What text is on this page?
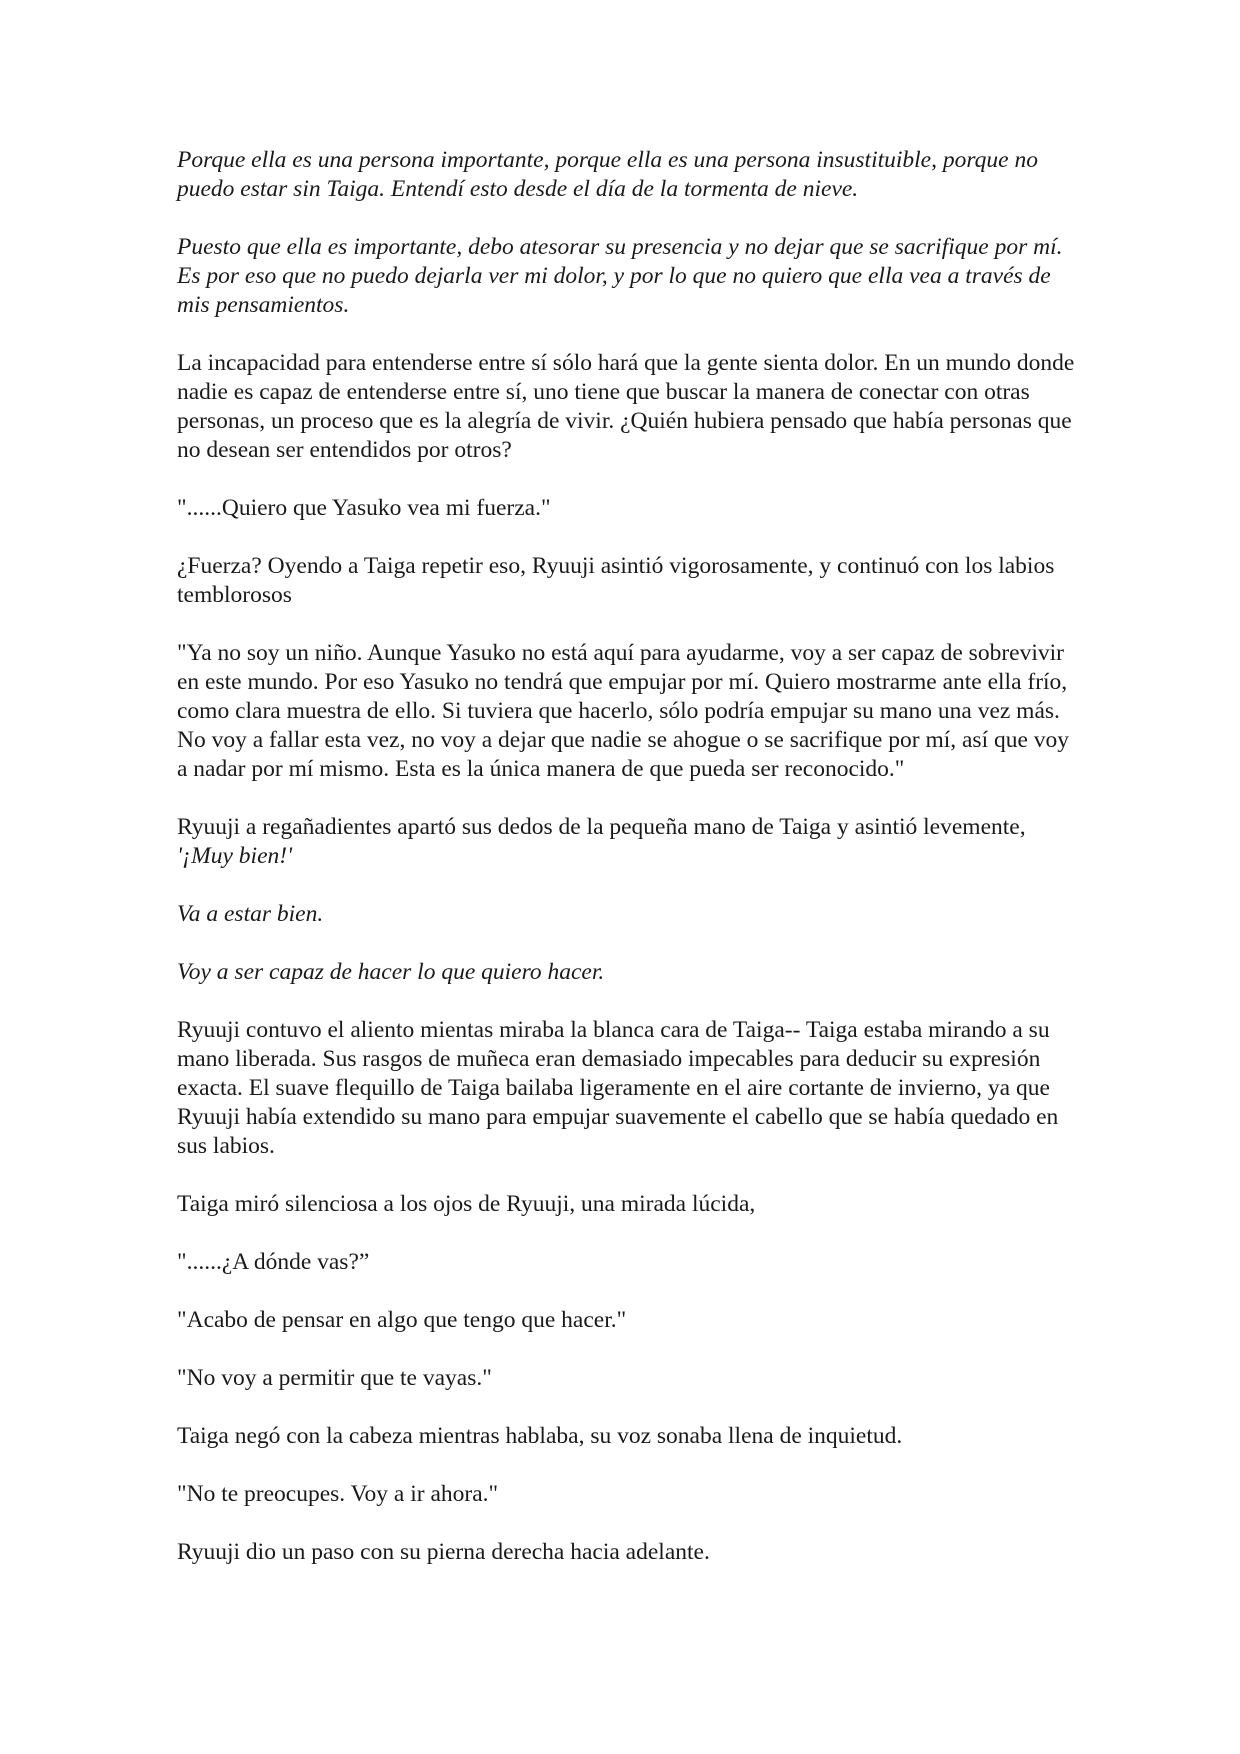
Porque ella es una persona importante, porque ella es una persona insustituible, porque no puedo estar sin Taiga. Entendí esto desde el día de la tormenta de nieve.

Puesto que ella es importante, debo atesorar su presencia y no dejar que se sacrifique por mí. Es por eso que no puedo dejarla ver mi dolor, y por lo que no quiero que ella vea a través de mis pensamientos.

La incapacidad para entenderse entre sí sólo hará que la gente sienta dolor. En un mundo donde nadie es capaz de entenderse entre sí, uno tiene que buscar la manera de conectar con otras personas, un proceso que es la alegría de vivir. ¿Quién hubiera pensado que había personas que no desean ser entendidos por otros?

"......Quiero que Yasuko vea mi fuerza."

¿Fuerza? Oyendo a Taiga repetir eso, Ryuuji asintió vigorosamente, y continuó con los labios temblorosos

"Ya no soy un niño. Aunque Yasuko no está aquí para ayudarme, voy a ser capaz de sobrevivir en este mundo. Por eso Yasuko no tendrá que empujar por mí. Quiero mostrarme ante ella frío, como clara muestra de ello. Si tuviera que hacerlo, sólo podría empujar su mano una vez más. No voy a fallar esta vez, no voy a dejar que nadie se ahogue o se sacrifique por mí, así que voy a nadar por mí mismo. Esta es la única manera de que pueda ser reconocido."

Ryuuji a regañadientes apartó sus dedos de la pequeña mano de Taiga y asintió levemente, '¡Muy bien!'

Va a estar bien.

Voy a ser capaz de hacer lo que quiero hacer.

Ryuuji contuvo el aliento mientas miraba la blanca cara de Taiga-- Taiga estaba mirando a su mano liberada. Sus rasgos de muñeca eran demasiado impecables para deducir su expresión exacta. El suave flequillo de Taiga bailaba ligeramente en el aire cortante de invierno, ya que Ryuuji había extendido su mano para empujar suavemente el cabello que se había quedado en sus labios.

Taiga miró silenciosa a los ojos de Ryuuji, una mirada lúcida,

"......¿A dónde vas?”

"Acabo de pensar en algo que tengo que hacer."

"No voy a permitir que te vayas."

Taiga negó con la cabeza mientras hablaba, su voz sonaba llena de inquietud.

"No te preocupes. Voy a ir ahora."

Ryuuji dio un paso con su pierna derecha hacia adelante.
